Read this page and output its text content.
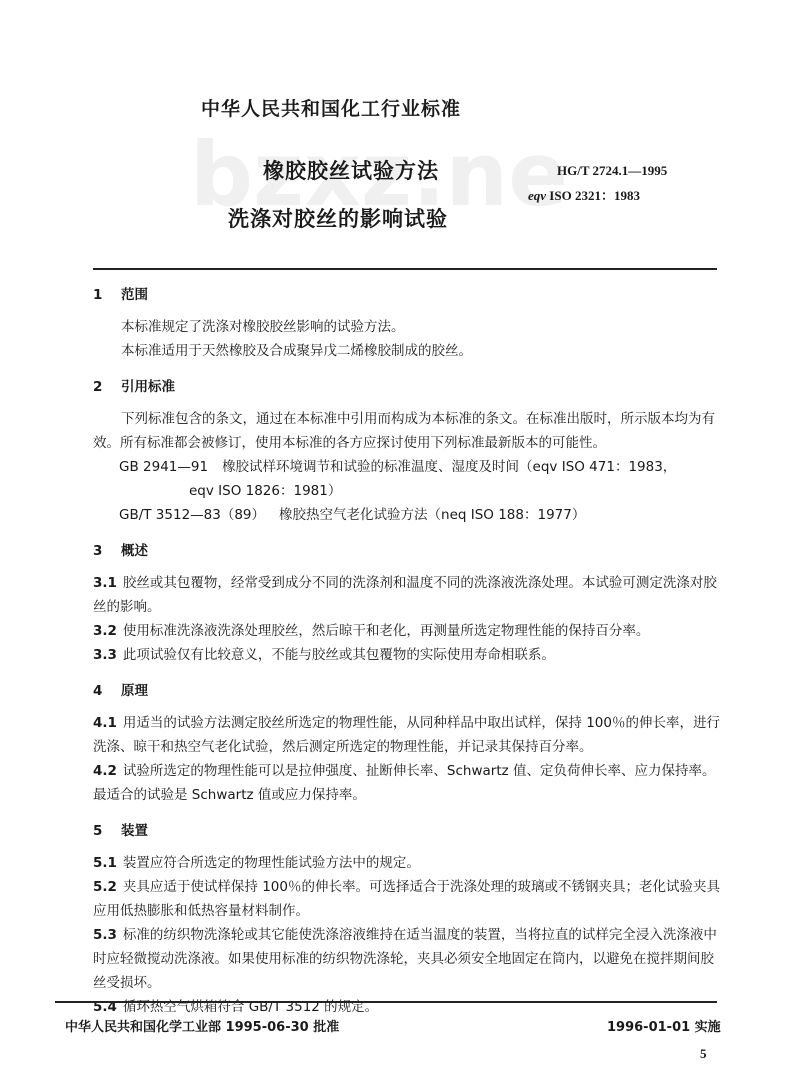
中华人民共和国化工行业标准
bzxz.ne
橡胶胶丝试验方法
洗涤对胶丝的影响试验
HG/T 2724.1—1995
eqv ISO 2321：1983
1 范围
本标准规定了洗涤对橡胶胶丝影响的试验方法。
本标准适用于天然橡胶及合成聚异戊二烯橡胶制成的胶丝。
2 引用标准
下列标准包含的条文，通过在本标准中引用而构成为本标准的条文。在标准出版时，所示版本均为有效。所有标准都会被修订，使用本标准的各方应探讨使用下列标准最新版本的可能性。
GB 2941—91 橡胶试样环境调节和试验的标准温度、湿度及时间（eqv ISO 471：1983，
eqv ISO 1826：1981）
GB/T 3512—83（89） 橡胶热空气老化试验方法（neq ISO 188：1977）
3 概述
3.1 胶丝或其包覆物，经常受到成分不同的洗涤剂和温度不同的洗涤液洗涤处理。本试验可测定洗涤对胶丝的影响。
3.2 使用标准洗涤液洗涤处理胶丝，然后晾干和老化，再测量所选定物理性能的保持百分率。
3.3 此项试验仅有比较意义，不能与胶丝或其包覆物的实际使用寿命相联系。
4 原理
4.1 用适当的试验方法测定胶丝所选定的物理性能，从同种样品中取出试样，保持 100％的伸长率，进行洗涤、晾干和热空气老化试验，然后测定所选定的物理性能，并记录其保持百分率。
4.2 试验所选定的物理性能可以是拉伸强度、扯断伸长率、Schwartz 值、定负荷伸长率、应力保持率。最适合的试验是 Schwartz 值或应力保持率。
5 装置
5.1 装置应符合所选定的物理性能试验方法中的规定。
5.2 夹具应适于使试样保持 100％的伸长率。可选择适合于洗涤处理的玻璃或不锈钢夹具；老化试验夹具应用低热膨胀和低热容量材料制作。
5.3 标准的纺织物洗涤轮或其它能使洗涤溶液维持在适当温度的装置，当将拉直的试样完全浸入洗涤液中时应轻微搅动洗涤液。如果使用标准的纺织物洗涤轮，夹具必须安全地固定在筒内，以避免在搅拌期间胶丝受损坏。
5.4 循环热空气烘箱符合 GB/T 3512 的规定。
中华人民共和国化学工业部 1995-06-30 批准	1996-01-01 实施
5
